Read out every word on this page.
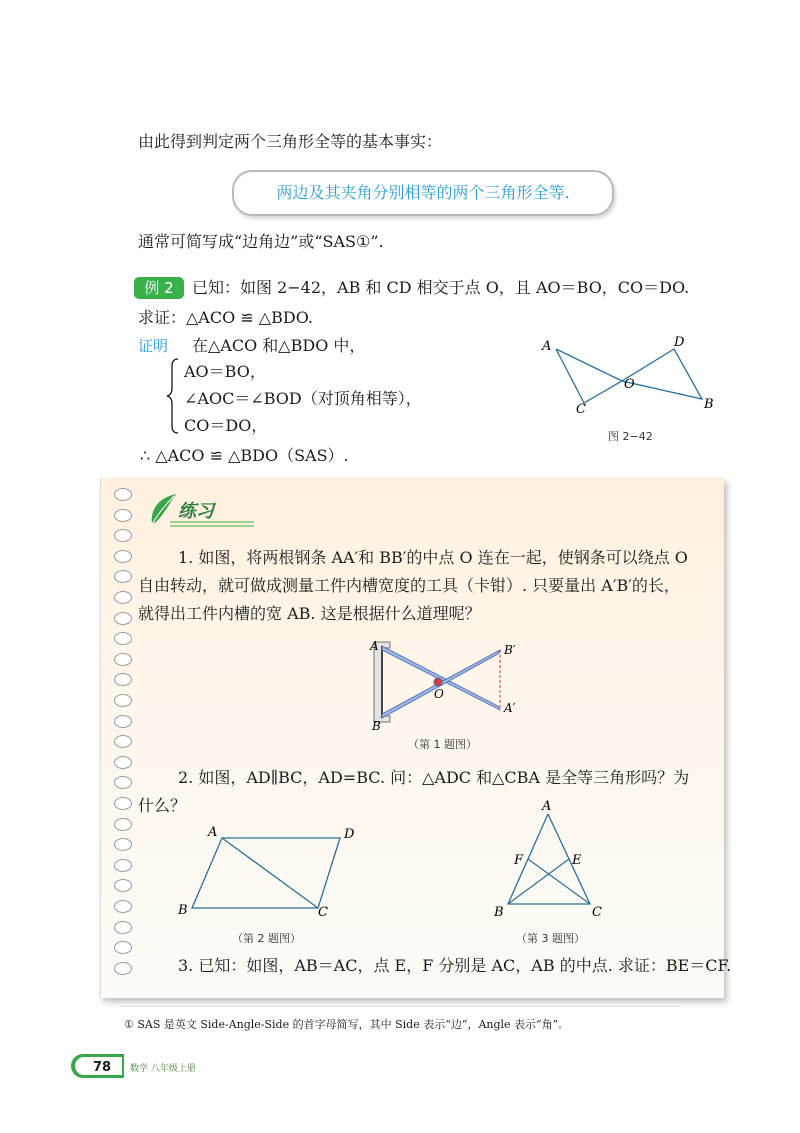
由此得到判定两个三角形全等的基本事实：
两边及其夹角分别相等的两个三角形全等.
通常可简写成“边角边”或“SAS①”.
例 2	已知：如图 2−42，AB 和 CD 相交于点 O，且 AO＝BO，CO＝DO.
求证：△ACO ≌ △BDO.
证明 在△ACO 和△BDO 中，
AO＝BO，
∠AOC＝∠BOD（对顶角相等），
CO＝DO，
∴ △ACO ≌ △BDO（SAS）.
A	D
O
C	B
图 2−42
练习
1. 如图，将两根钢条 AA′和 BB′的中点 O 连在一起，使钢条可以绕点 O
自由转动，就可做成测量工件内槽宽度的工具（卡钳）. 只要量出 A′B′的长，
就得出工件内槽的宽 AB. 这是根据什么道理呢？
A	B′
O
A′
B
（第 1 题图）
2. 如图，AD∥BC，AD=BC. 问：△ADC 和△CBA 是全等三角形吗？为
什么？
A	D
B	C
（第 2 题图）
A
F	E
B	C
（第 3 题图）
3. 已知：如图，AB＝AC，点 E，F 分别是 AC，AB 的中点. 求证：BE＝CF.
① SAS 是英文 Side-Angle-Side 的首字母简写，其中 Side 表示“边”，Angle 表示“角”.
78 数学 八年级上册
